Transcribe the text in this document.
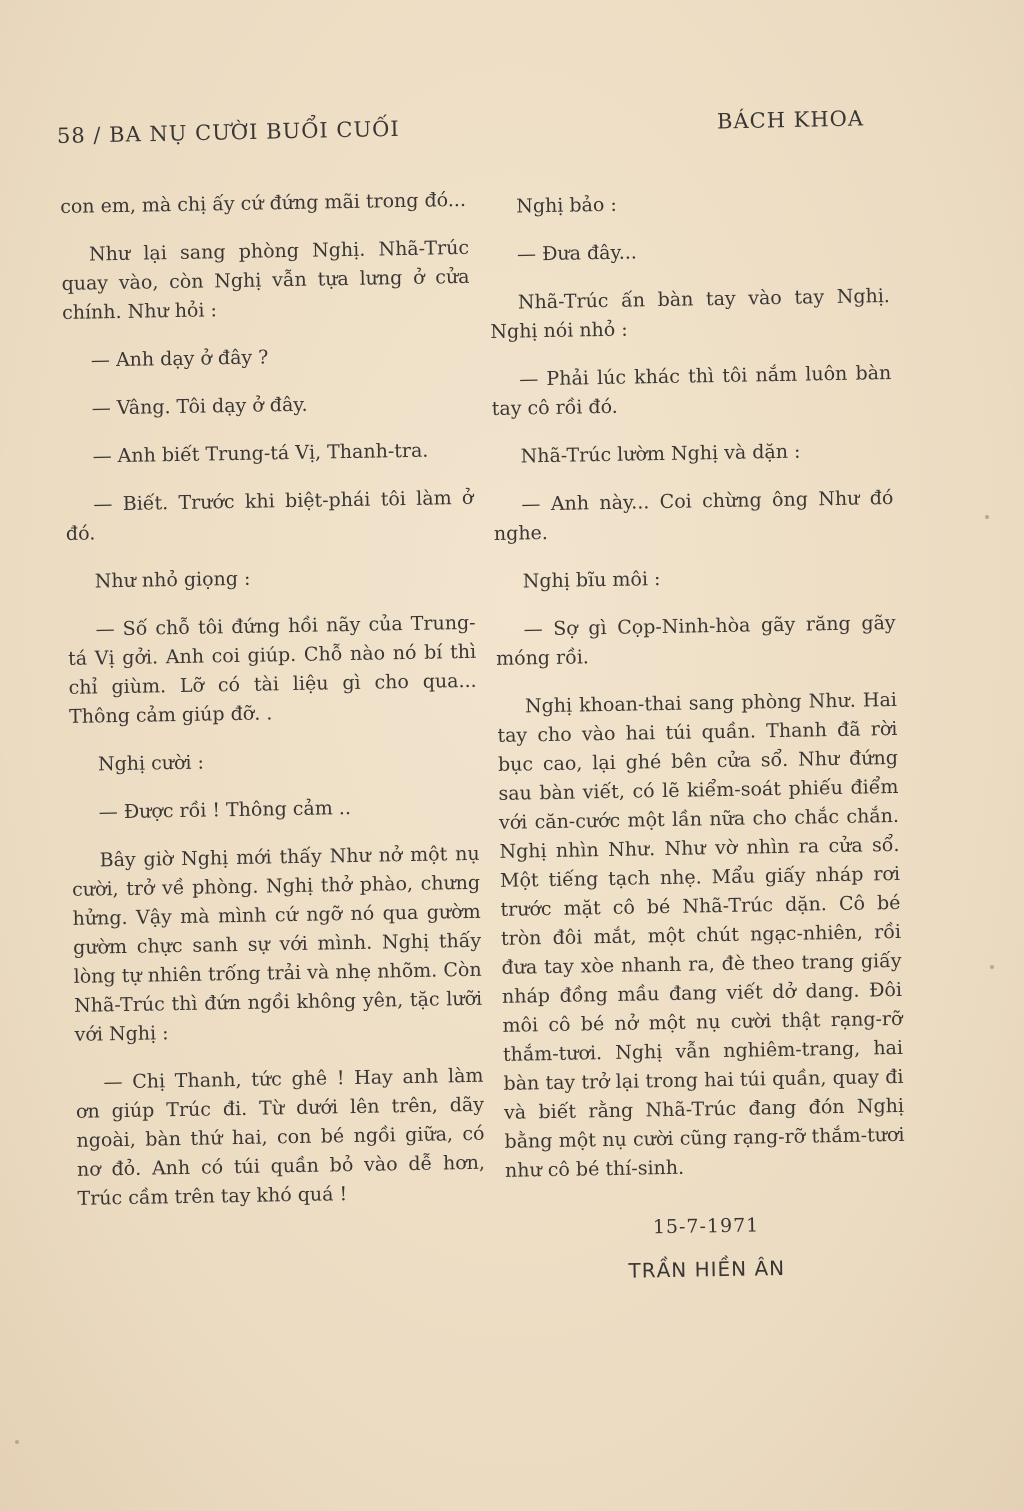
58 / BA NỤ CƯỜI BUỔI CUỐI	BÁCH KHOA

con em, mà chị ấy cứ đứng mãi trong đó...

Như lại sang phòng Nghị. Nhã-Trúc quay vào, còn Nghị vẫn tựa lưng ở cửa chính. Như hỏi :

— Anh dạy ở đây ?

— Vâng. Tôi dạy ở đây.

— Anh biết Trung-tá Vị, Thanh-tra.

— Biết. Trước khi biệt-phái tôi làm ở đó.

Như nhỏ giọng :

— Số chỗ tôi đứng hồi nãy của Trung-tá Vị gởi. Anh coi giúp. Chỗ nào nó bí thì chỉ giùm. Lỡ có tài liệu gì cho qua... Thông cảm giúp đỡ. .

Nghị cười :

— Được rồi ! Thông cảm ..

Bây giờ Nghị mới thấy Như nở một nụ cười, trở về phòng. Nghị thở phào, chưng hửng. Vậy mà mình cứ ngỡ nó qua gườm gườm chực sanh sự với mình. Nghị thấy lòng tự nhiên trống trải và nhẹ nhõm. Còn Nhã-Trúc thì đứn ngồi không yên, tặc lưỡi với Nghị :

— Chị Thanh, tức ghê ! Hay anh làm ơn giúp Trúc đi. Từ dưới lên trên, dãy ngoài, bàn thứ hai, con bé ngồi giữa, có nơ đỏ. Anh có túi quần bỏ vào dễ hơn, Trúc cầm trên tay khó quá !

Nghị bảo :

— Đưa đây...

Nhã-Trúc ấn bàn tay vào tay Nghị. Nghị nói nhỏ :

— Phải lúc khác thì tôi nắm luôn bàn tay cô rồi đó.

Nhã-Trúc lườm Nghị và dặn :

— Anh này... Coi chừng ông Như đó nghe.

Nghị bĩu môi :

— Sợ gì Cọp-Ninh-hòa gãy răng gãy móng rồi.

Nghị khoan-thai sang phòng Như. Hai tay cho vào hai túi quần. Thanh đã rời bục cao, lại ghé bên cửa sổ. Như đứng sau bàn viết, có lẽ kiểm-soát phiếu điểm với căn-cước một lần nữa cho chắc chắn. Nghị nhìn Như. Như vờ nhìn ra cửa sổ. Một tiếng tạch nhẹ. Mẩu giấy nháp rơi trước mặt cô bé Nhã-Trúc dặn. Cô bé tròn đôi mắt, một chút ngạc-nhiên, rồi đưa tay xòe nhanh ra, đè theo trang giấy nháp đồng mầu đang viết dở dang. Đôi môi cô bé nở một nụ cười thật rạng-rỡ thắm-tươi. Nghị vẫn nghiêm-trang, hai bàn tay trở lại trong hai túi quần, quay đi và biết rằng Nhã-Trúc đang đón Nghị bằng một nụ cười cũng rạng-rỡ thắm-tươi như cô bé thí-sinh.

15-7-1971
TRẦN HIỀN ÂN
